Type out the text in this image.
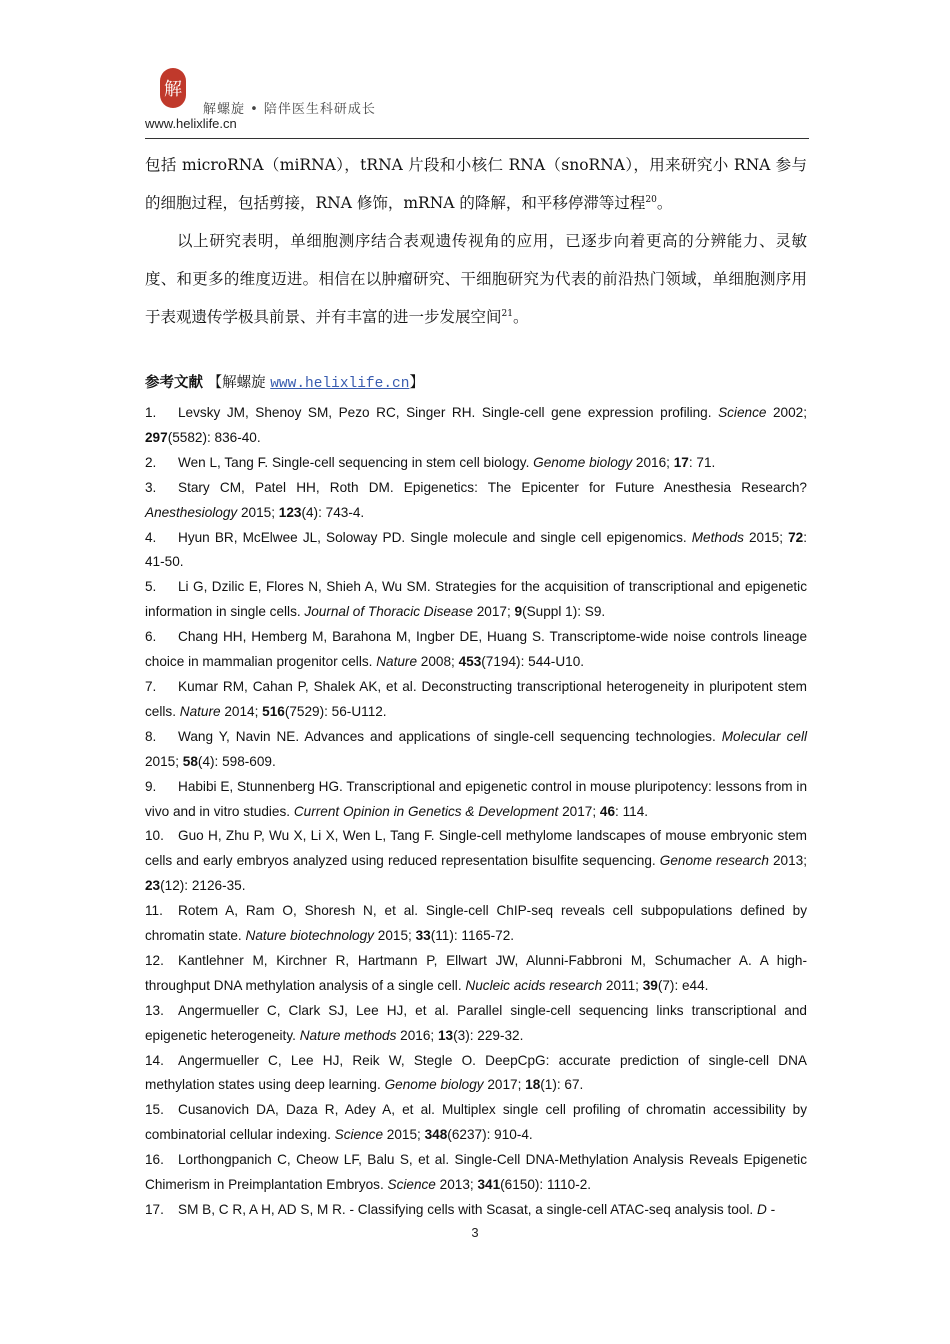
解
解螺旋 • 陪伴医生科研成长
www.helixlife.cn

包括 microRNA（miRNA），tRNA 片段和小核仁 RNA（snoRNA），用来研究小 RNA 参与的细胞过程，包括剪接，RNA 修饰，mRNA 的降解，和平移停滞等过程$^{20}$。

以上研究表明，单细胞测序结合表观遗传视角的应用，已逐步向着更高的分辨能力、灵敏度、和更多的维度迈进。相信在以肿瘤研究、干细胞研究为代表的前沿热门领域，单细胞测序用于表观遗传学极具前景、并有丰富的进一步发展空间$^{21}$。

参考文献 【解螺旋 www.helixlife.cn】
1. Levsky JM, Shenoy SM, Pezo RC, Singer RH. Single-cell gene expression profiling. Science 2002; 297(5582): 836-40.
2. Wen L, Tang F. Single-cell sequencing in stem cell biology. Genome biology 2016; 17: 71.
3. Stary CM, Patel HH, Roth DM. Epigenetics: The Epicenter for Future Anesthesia Research? Anesthesiology 2015; 123(4): 743-4.
4. Hyun BR, McElwee JL, Soloway PD. Single molecule and single cell epigenomics. Methods 2015; 72: 41-50.
5. Li G, Dzilic E, Flores N, Shieh A, Wu SM. Strategies for the acquisition of transcriptional and epigenetic information in single cells. Journal of Thoracic Disease 2017; 9(Suppl 1): S9.
6. Chang HH, Hemberg M, Barahona M, Ingber DE, Huang S. Transcriptome-wide noise controls lineage choice in mammalian progenitor cells. Nature 2008; 453(7194): 544-U10.
7. Kumar RM, Cahan P, Shalek AK, et al. Deconstructing transcriptional heterogeneity in pluripotent stem cells. Nature 2014; 516(7529): 56-U112.
8. Wang Y, Navin NE. Advances and applications of single-cell sequencing technologies. Molecular cell 2015; 58(4): 598-609.
9. Habibi E, Stunnenberg HG. Transcriptional and epigenetic control in mouse pluripotency: lessons from in vivo and in vitro studies. Current Opinion in Genetics & Development 2017; 46: 114.
10. Guo H, Zhu P, Wu X, Li X, Wen L, Tang F. Single-cell methylome landscapes of mouse embryonic stem cells and early embryos analyzed using reduced representation bisulfite sequencing. Genome research 2013; 23(12): 2126-35.
11. Rotem A, Ram O, Shoresh N, et al. Single-cell ChIP-seq reveals cell subpopulations defined by chromatin state. Nature biotechnology 2015; 33(11): 1165-72.
12. Kantlehner M, Kirchner R, Hartmann P, Ellwart JW, Alunni-Fabbroni M, Schumacher A. A high-throughput DNA methylation analysis of a single cell. Nucleic acids research 2011; 39(7): e44.
13. Angermueller C, Clark SJ, Lee HJ, et al. Parallel single-cell sequencing links transcriptional and epigenetic heterogeneity. Nature methods 2016; 13(3): 229-32.
14. Angermueller C, Lee HJ, Reik W, Stegle O. DeepCpG: accurate prediction of single-cell DNA methylation states using deep learning. Genome biology 2017; 18(1): 67.
15. Cusanovich DA, Daza R, Adey A, et al. Multiplex single cell profiling of chromatin accessibility by combinatorial cellular indexing. Science 2015; 348(6237): 910-4.
16. Lorthongpanich C, Cheow LF, Balu S, et al. Single-Cell DNA-Methylation Analysis Reveals Epigenetic Chimerism in Preimplantation Embryos. Science 2013; 341(6150): 1110-2.
17. SM B, C R, A H, AD S, M R. - Classifying cells with Scasat, a single-cell ATAC-seq analysis tool. D -
3
